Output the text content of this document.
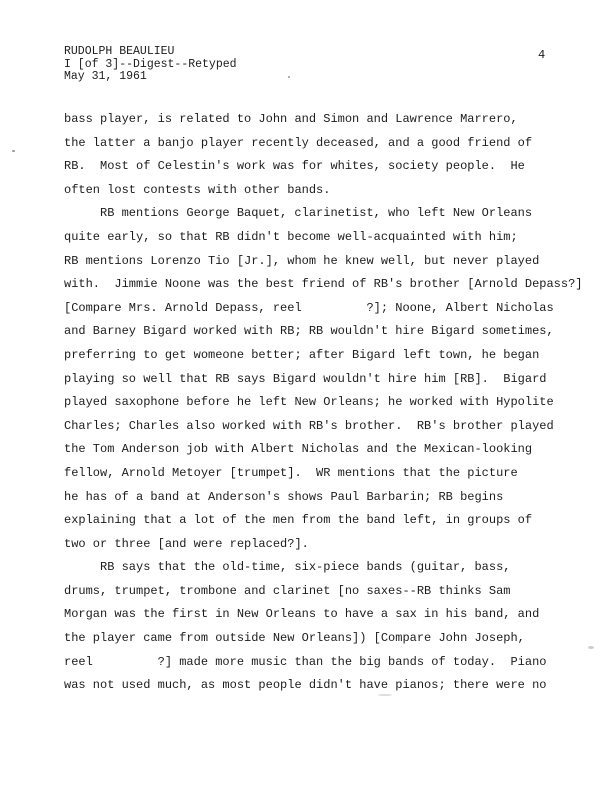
RUDOLPH BEAULIEU
I [of 3]--Digest--Retyped
May 31, 1961
4
bass player, is related to John and Simon and Lawrence Marrero,
the latter a banjo player recently deceased, and a good friend of
RB.  Most of Celestin's work was for whites, society people.  He
often lost contests with other bands.
RB mentions George Baquet, clarinetist, who left New Orleans
quite early, so that RB didn't become well-acquainted with him;
RB mentions Lorenzo Tio [Jr.], whom he knew well, but never played
with.  Jimmie Noone was the best friend of RB's brother [Arnold Depass?]
[Compare Mrs. Arnold Depass, reel         ?]; Noone, Albert Nicholas
and Barney Bigard worked with RB; RB wouldn't hire Bigard sometimes,
preferring to get womeone better; after Bigard left town, he began
playing so well that RB says Bigard wouldn't hire him [RB].  Bigard
played saxophone before he left New Orleans; he worked with Hypolite
Charles; Charles also worked with RB's brother.  RB's brother played
the Tom Anderson job with Albert Nicholas and the Mexican-looking
fellow, Arnold Metoyer [trumpet].  WR mentions that the picture
he has of a band at Anderson's shows Paul Barbarin; RB begins
explaining that a lot of the men from the band left, in groups of
two or three [and were replaced?].
RB says that the old-time, six-piece bands (guitar, bass,
drums, trumpet, trombone and clarinet [no saxes--RB thinks Sam
Morgan was the first in New Orleans to have a sax in his band, and
the player came from outside New Orleans]) [Compare John Joseph,
reel         ?] made more music than the big bands of today.  Piano
was not used much, as most people didn't have pianos; there were no
